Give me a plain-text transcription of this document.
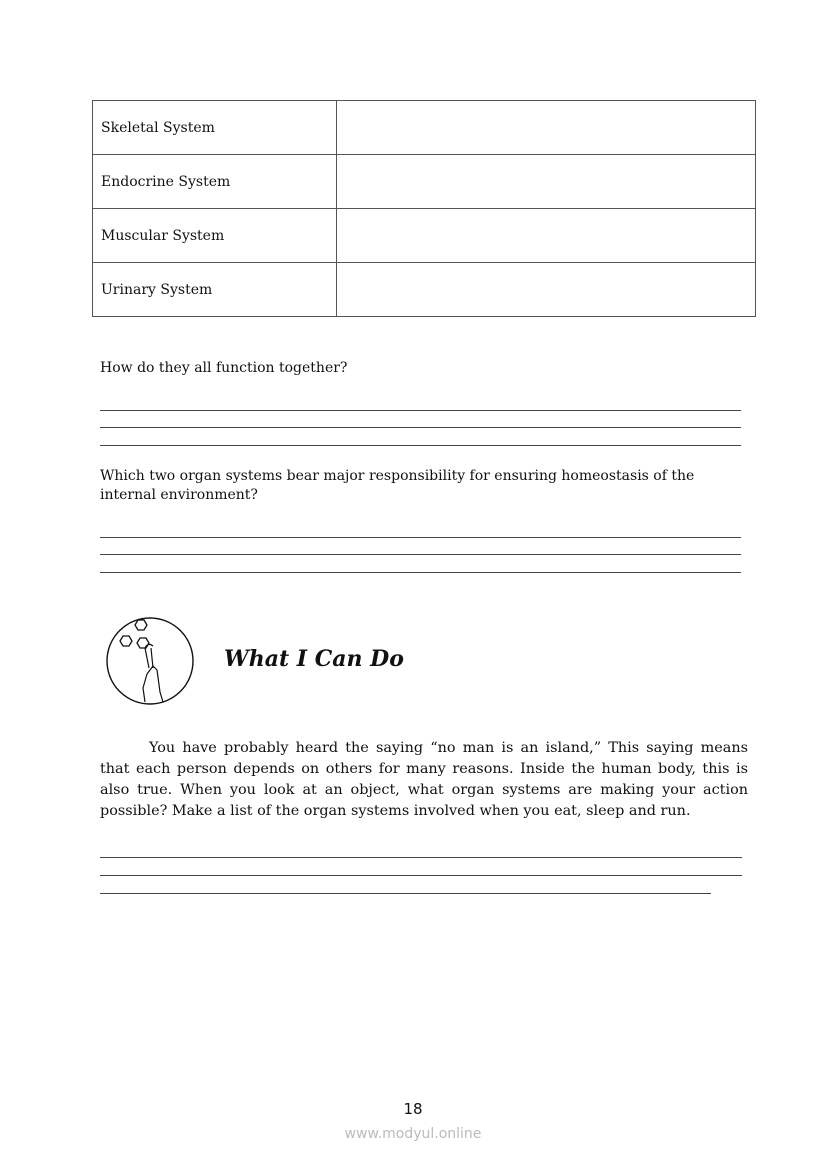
Skeletal System	
Endocrine System	
Muscular System	
Urinary System	
How do they all function together?
Which two organ systems bear major responsibility for ensuring homeostasis of the internal environment?
What I Can Do
You have probably heard the saying “no man is an island,” This saying means that each person depends on others for many reasons. Inside the human body, this is also true. When you look at an object, what organ systems are making your action possible? Make a list of the organ systems involved when you eat, sleep and run.
18
www.modyul.online
